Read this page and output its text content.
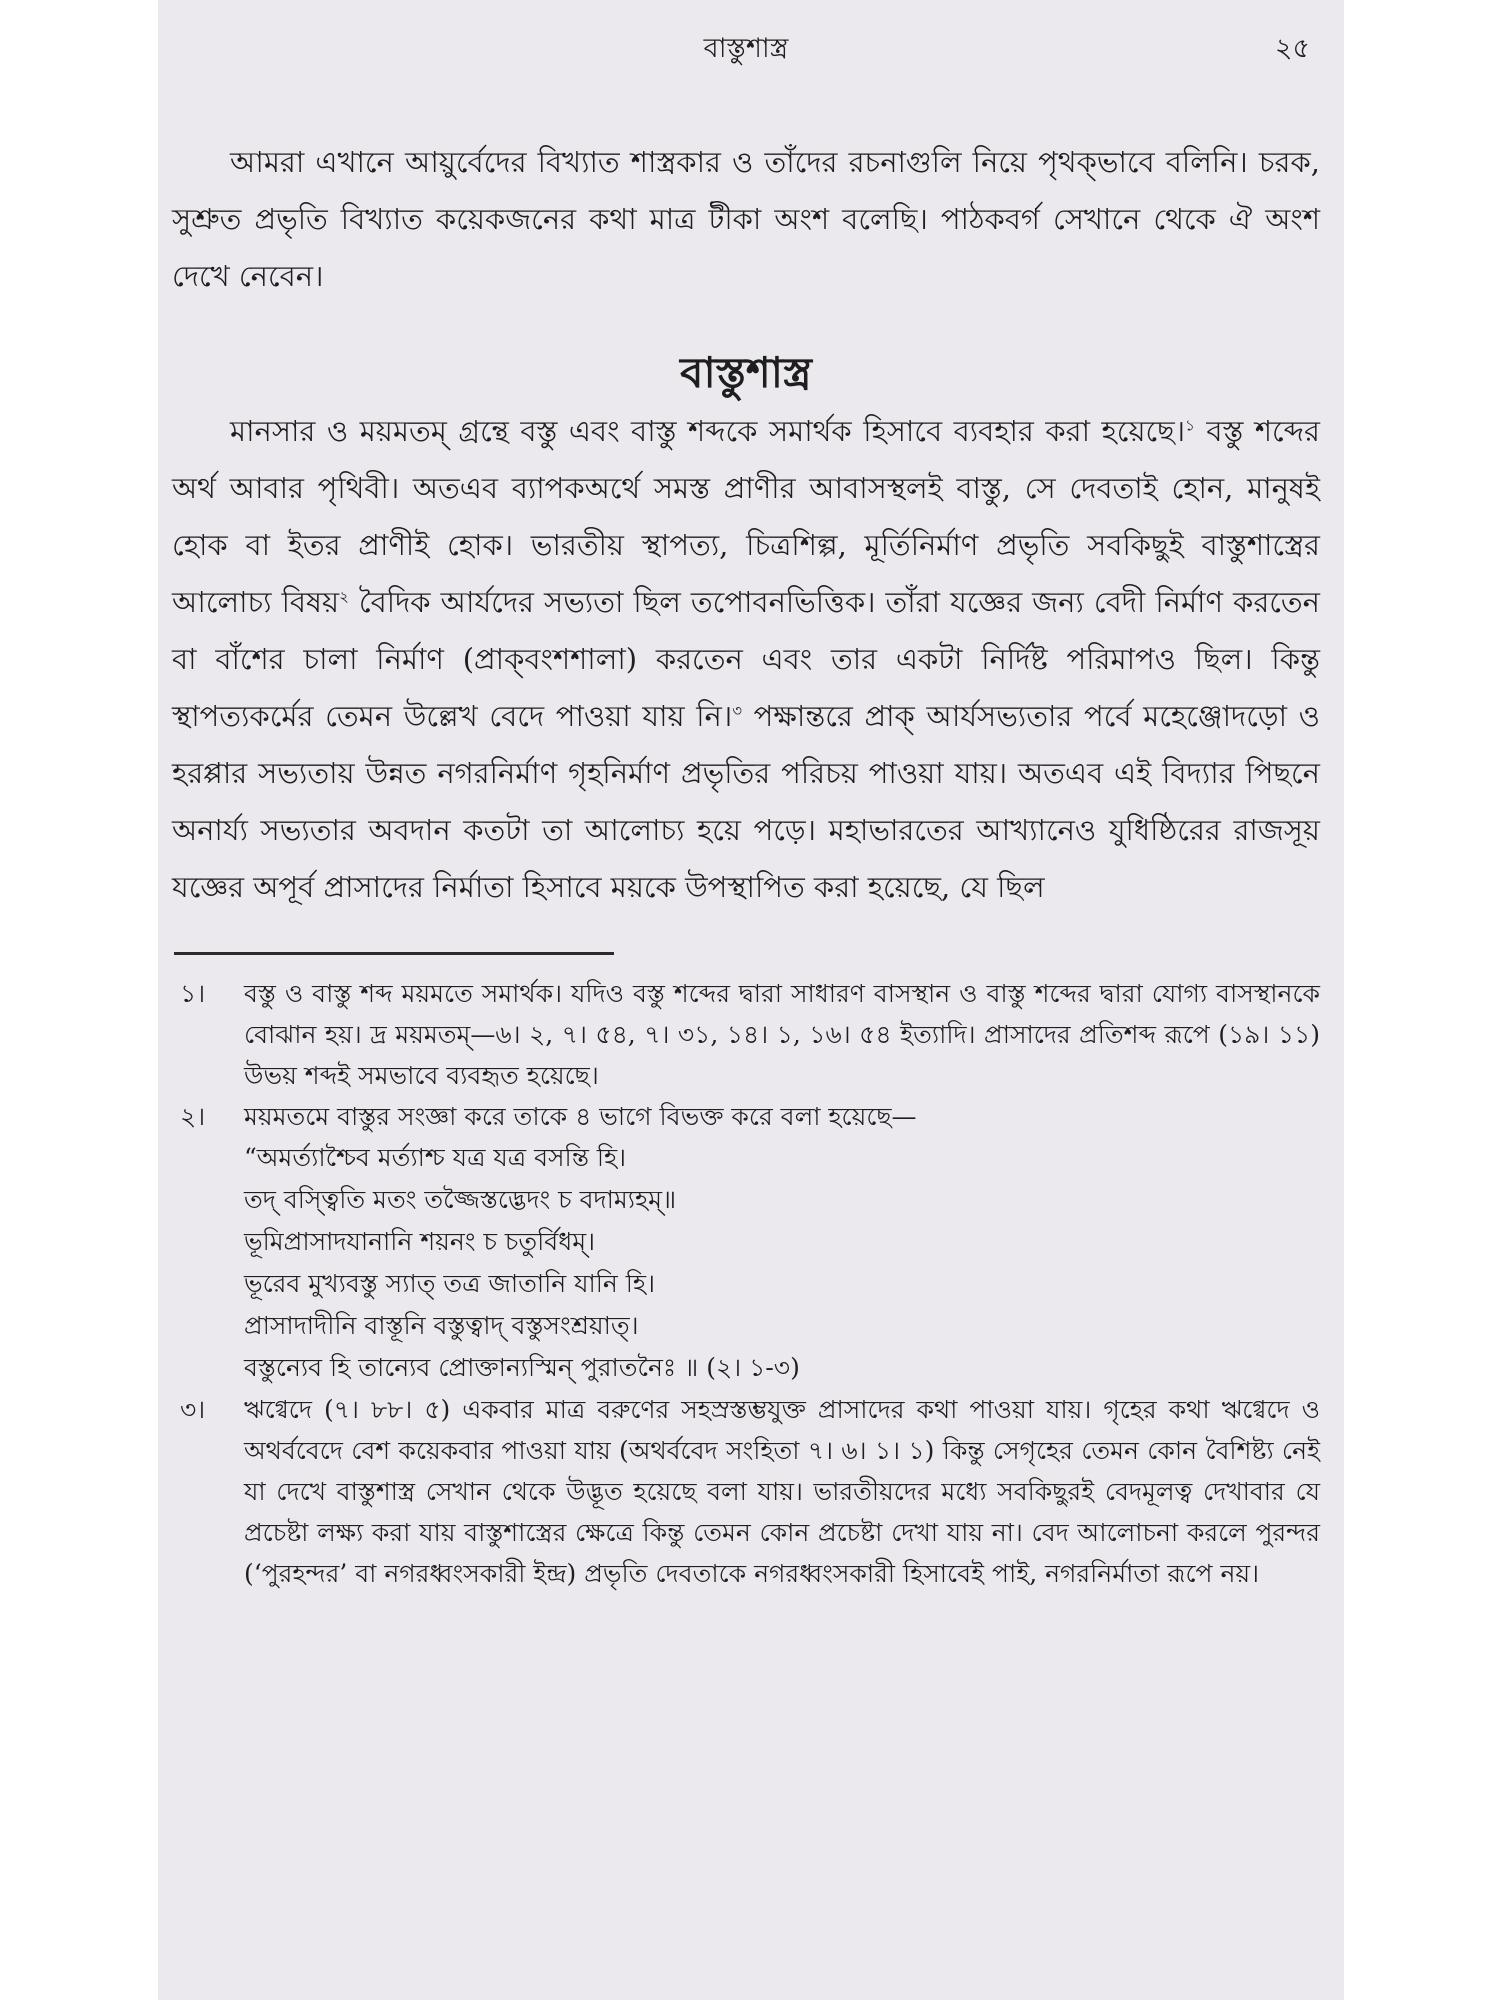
বাস্তুশাস্ত্র	২৫

আমরা এখানে আয়ুর্বেদের বিখ্যাত শাস্ত্রকার ও তাঁদের রচনাগুলি নিয়ে পৃথক্‌ভাবে বলিনি। চরক, সুশ্রুত প্রভৃতি বিখ্যাত কয়েকজনের কথা মাত্র টীকা অংশ বলেছি। পাঠকবর্গ সেখানে থেকে ঐ অংশ দেখে নেবেন।

বাস্তুশাস্ত্র

মানসার ও ময়মতম্‌ গ্রন্থে বস্তু এবং বাস্তু শব্দকে সমার্থক হিসাবে ব্যবহার করা হয়েছে।$^১$ বস্তু শব্দের অর্থ আবার পৃথিবী। অতএব ব্যাপকঅর্থে সমস্ত প্রাণীর আবাসস্থলই বাস্তু, সে দেবতাই হোন, মানুষই হোক বা ইতর প্রাণীই হোক। ভারতীয় স্থাপত্য, চিত্রশিল্প, মূর্তিনির্মাণ প্রভৃতি সবকিছুই বাস্তুশাস্ত্রের আলোচ্য বিষয়$^২$ বৈদিক আর্যদের সভ্যতা ছিল তপোবনভিত্তিক। তাঁরা যজ্ঞের জন্য বেদী নির্মাণ করতেন বা বাঁশের চালা নির্মাণ (প্রাক্‌বংশশালা) করতেন এবং তার একটা নির্দিষ্ট পরিমাপও ছিল। কিন্তু স্থাপত্যকর্মের তেমন উল্লেখ বেদে পাওয়া যায় নি।$^৩$ পক্ষান্তরে প্রাক্‌ আর্যসভ্যতার পর্বে মহেঞ্জোদড়ো ও হরপ্পার সভ্যতায় উন্নত নগরনির্মাণ গৃহনির্মাণ প্রভৃতির পরিচয় পাওয়া যায়। অতএব এই বিদ্যার পিছনে অনার্য্য সভ্যতার অবদান কতটা তা আলোচ্য হয়ে পড়ে। মহাভারতের আখ্যানেও যুধিষ্ঠিরের রাজসূয় যজ্ঞের অপূর্ব প্রাসাদের নির্মাতা হিসাবে ময়কে উপস্থাপিত করা হয়েছে, যে ছিল

১। বস্তু ও বাস্তু শব্দ ময়মতে সমার্থক। যদিও বস্তু শব্দের দ্বারা সাধারণ বাসস্থান ও বাস্তু শব্দের দ্বারা যোগ্য বাসস্থানকে বোঝান হয়। দ্র ময়মতম্‌—৬। ২, ৭। ৫৪, ৭। ৩১, ১৪। ১, ১৬। ৫৪ ইত্যাদি। প্রাসাদের প্রতিশব্দ রূপে (১৯। ১১) উভয় শব্দই সমভাবে ব্যবহৃত হয়েছে।

২। ময়মতমে বাস্তুর সংজ্ঞা করে তাকে ৪ ভাগে বিভক্ত করে বলা হয়েছে—

“অমর্ত্যাশ্চৈব মর্ত্যাশ্চ যত্র যত্র বসন্তি হি।

তদ্‌ বস্ত্বিতি মতং তজ্জৈস্তদ্ভেদং চ বদাম্যহম্‌॥

ভূমিপ্রাসাদযানানি শয়নং চ চতুর্বিধম্‌।

ভূরেব মুখ্যবস্তু স্যাত্‌ তত্র জাতানি যানি হি।

প্রাসাদাদীনি বাস্তূনি বস্তুত্বাদ্‌ বস্তুসংশ্রয়াত্‌।

বস্তুন্যেব হি তান্যেব প্রোক্তান্যস্মিন্‌ পুরাতনৈঃ ॥ (২। ১-৩)

৩। ঋগ্বেদে (৭। ৮৮। ৫) একবার মাত্র বরুণের সহস্রস্তম্ভযুক্ত প্রাসাদের কথা পাওয়া যায়। গৃহের কথা ঋগ্বেদে ও অথর্ববেদে বেশ কয়েকবার পাওয়া যায় (অথর্ববেদ সংহিতা ৭। ৬। ১। ১) কিন্তু সেগৃহের তেমন কোন বৈশিষ্ট্য নেই যা দেখে বাস্তুশাস্ত্র সেখান থেকে উদ্ভূত হয়েছে বলা যায়। ভারতীয়দের মধ্যে সবকিছুরই বেদমূলত্ব দেখাবার যে প্রচেষ্টা লক্ষ্য করা যায় বাস্তুশাস্ত্রের ক্ষেত্রে কিন্তু তেমন কোন প্রচেষ্টা দেখা যায় না। বেদ আলোচনা করলে পুরন্দর (‘পুরহন্দর’ বা নগরধ্বংসকারী ইন্দ্র) প্রভৃতি দেবতাকে নগরধ্বংসকারী হিসাবেই পাই, নগরনির্মাতা রূপে নয়।
